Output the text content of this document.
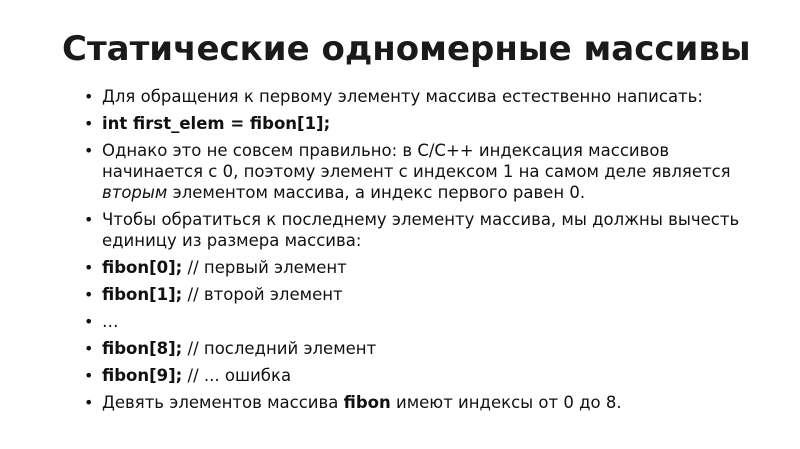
Статические одномерные массивы
• Для обращения к первому элементу массива естественно написать:
• int first_elem = fibon[1];
• Однако это не совсем правильно: в C/C++ индексация массивов начинается с 0, поэтому элемент с индексом 1 на самом деле является вторым элементом массива, а индекс первого равен 0.
• Чтобы обратиться к последнему элементу массива, мы должны вычесть единицу из размера массива:
• fibon[0]; // первый элемент
• fibon[1]; // второй элемент
• …
• fibon[8]; // последний элемент
• fibon[9]; // ... ошибка
• Девять элементов массива fibon имеют индексы от 0 до 8.
